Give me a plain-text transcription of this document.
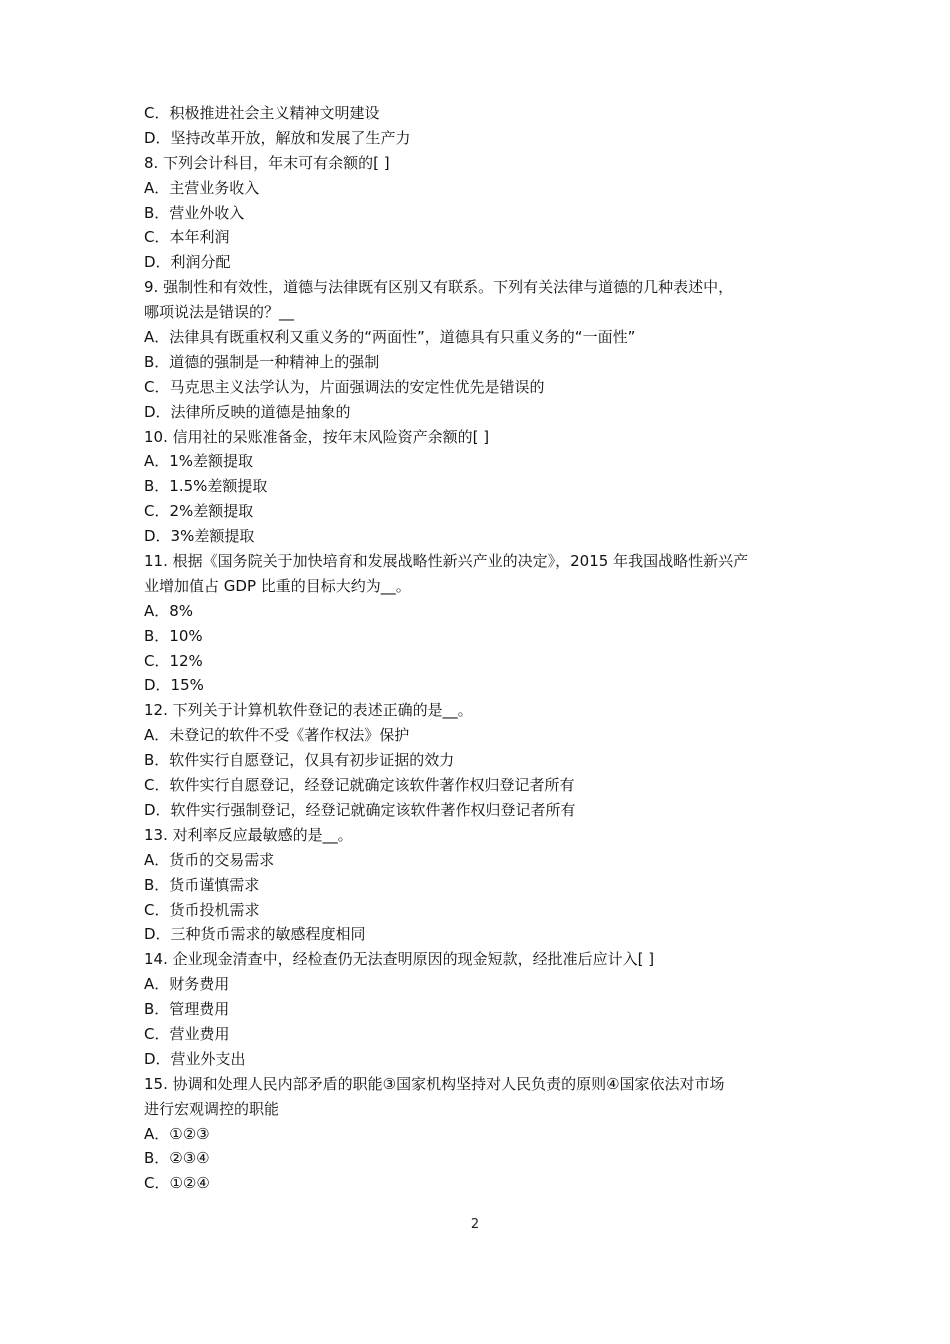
C．积极推进社会主义精神文明建设
D．坚持改革开放，解放和发展了生产力
8. 下列会计科目，年末可有余额的[ ]
A．主营业务收入
B．营业外收入
C．本年利润
D．利润分配
9. 强制性和有效性，道德与法律既有区别又有联系。下列有关法律与道德的几种表述中，
哪项说法是错误的？__
A．法律具有既重权利又重义务的“两面性”，道德具有只重义务的“一面性”
B．道德的强制是一种精神上的强制
C．马克思主义法学认为，片面强调法的安定性优先是错误的
D．法律所反映的道德是抽象的
10. 信用社的呆账准备金，按年末风险资产余额的[ ]
A．1%差额提取
B．1.5%差额提取
C．2%差额提取
D．3%差额提取
11. 根据《国务院关于加快培育和发展战略性新兴产业的决定》，2015 年我国战略性新兴产
业增加值占 GDP 比重的目标大约为__。
A．8%
B．10%
C．12%
D．15%
12. 下列关于计算机软件登记的表述正确的是__。
A．未登记的软件不受《著作权法》保护
B．软件实行自愿登记，仅具有初步证据的效力
C．软件实行自愿登记，经登记就确定该软件著作权归登记者所有
D．软件实行强制登记，经登记就确定该软件著作权归登记者所有
13. 对利率反应最敏感的是__。
A．货币的交易需求
B．货币谨慎需求
C．货币投机需求
D．三种货币需求的敏感程度相同
14. 企业现金清查中，经检查仍无法查明原因的现金短款，经批准后应计入[ ]
A．财务费用
B．管理费用
C．营业费用
D．营业外支出
15. 协调和处理人民内部矛盾的职能③国家机构坚持对人民负责的原则④国家依法对市场
进行宏观调控的职能
A．①②③
B．②③④
C．①②④
2
